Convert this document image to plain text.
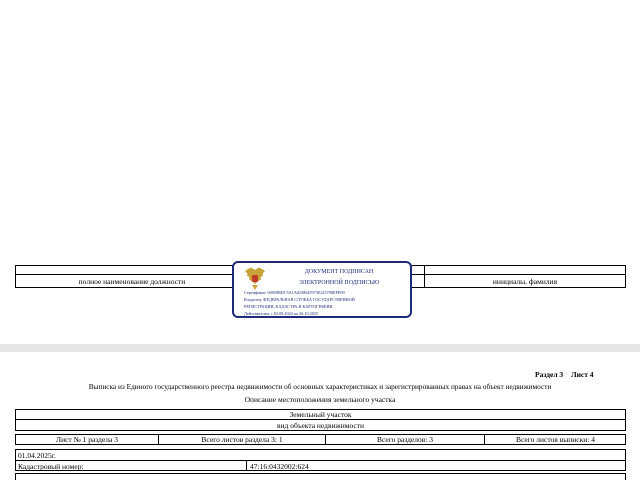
полное наименование должности	инициалы, фамилия
ДОКУМЕНТ ПОДПИСАН
ЭЛЕКТРОННОЙ ПОДПИСЬЮ
Сертификат: 00958BDC5A1A0238645973E225798EFE09
Владелец: ФЕДЕРАЛЬНАЯ СЛУЖБА ГОСУДАРСТВЕННОЙ
РЕГИСТРАЦИИ, КАДАСТРА И КАРТОГРАФИИ
Действителен: с 02.08.2024 по 26.10.2025
Раздел 3 Лист 4
Выписка из Единого государственного реестра недвижимости об основных характеристиках и зарегистрированных правах на объект недвижимости
Описание местоположения земельного участка
Земельный участок
вид объекта недвижимости
Лист № 1 раздела 3	Всего листов раздела 3: 1	Всего разделов: 3	Всего листов выписки: 4
01.04.2025г.
Кадастровый номер:	47:16:0432002:624
